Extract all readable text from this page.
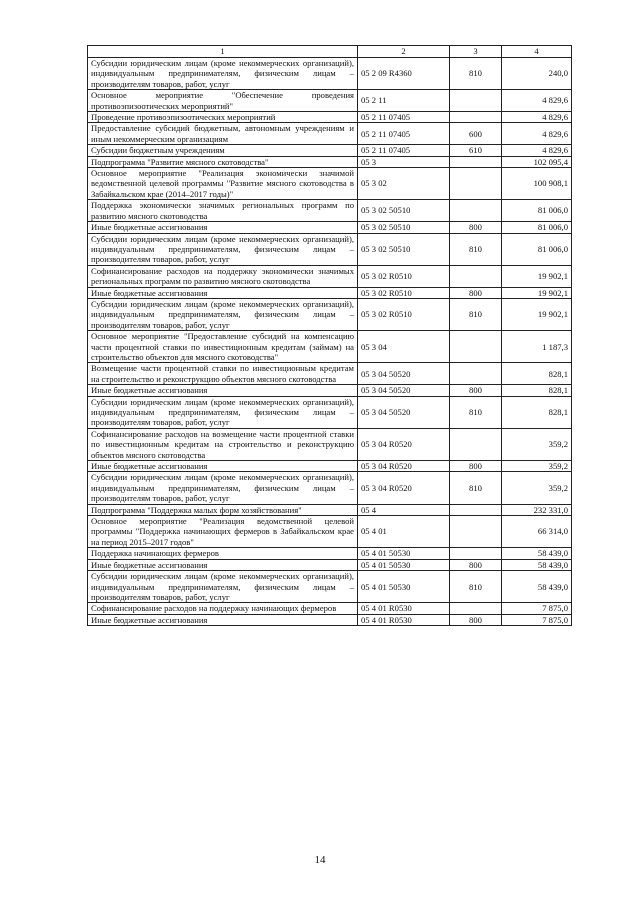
1	2	3	4
Субсидии юридическим лицам (кроме некоммерческих организаций), индивидуальным предпринимателям, физическим лицам – производителям товаров, работ, услуг	05 2 09 R4360	810	240,0
Основное мероприятие "Обеспечение проведения противоэпизоотических мероприятий"	05 2 11		4 829,6
Проведение противоэпизоотических мероприятий	05 2 11 07405		4 829,6
Предоставление субсидий бюджетным, автономным учреждениям и иным некоммерческим организациям	05 2 11 07405	600	4 829,6
Субсидии бюджетным учреждениям	05 2 11 07405	610	4 829,6
Подпрограмма "Развитие мясного скотоводства"	05 3		102 095,4
Основное мероприятие "Реализация экономически значимой ведомственной целевой программы "Развитие мясного скотоводства в Забайкальском крае (2014–2017 годы)"	05 3 02		100 908,1
Поддержка экономически значимых региональных программ по развитию мясного скотоводства	05 3 02 50510		81 006,0
Иные бюджетные ассигнования	05 3 02 50510	800	81 006,0
Субсидии юридическим лицам (кроме некоммерческих организаций), индивидуальным предпринимателям, физическим лицам – производителям товаров, работ, услуг	05 3 02 50510	810	81 006,0
Софинансирование расходов на поддержку экономически значимых региональных программ по развитию мясного скотоводства	05 3 02 R0510		19 902,1
Иные бюджетные ассигнования	05 3 02 R0510	800	19 902,1
Субсидии юридическим лицам (кроме некоммерческих организаций), индивидуальным предпринимателям, физическим лицам – производителям товаров, работ, услуг	05 3 02 R0510	810	19 902,1
Основное мероприятие "Предоставление субсидий на компенсацию части процентной ставки по инвестиционным кредитам (займам) на строительство объектов для мясного скотоводства"	05 3 04		1 187,3
Возмещение части процентной ставки по инвестиционным кредитам на строительство и реконструкцию объектов мясного скотоводства	05 3 04 50520		828,1
Иные бюджетные ассигнования	05 3 04 50520	800	828,1
Субсидии юридическим лицам (кроме некоммерческих организаций), индивидуальным предпринимателям, физическим лицам – производителям товаров, работ, услуг	05 3 04 50520	810	828,1
Софинансирование расходов на возмещение части процентной ставки по инвестиционным кредитам на строительство и реконструкцию объектов мясного скотоводства	05 3 04 R0520		359,2
Иные бюджетные ассигнования	05 3 04 R0520	800	359,2
Субсидии юридическим лицам (кроме некоммерческих организаций), индивидуальным предпринимателям, физическим лицам – производителям товаров, работ, услуг	05 3 04 R0520	810	359,2
Подпрограмма "Поддержка малых форм хозяйствования"	05 4		232 331,0
Основное мероприятие "Реализация ведомственной целевой программы "Поддержка начинающих фермеров в Забайкальском крае на период 2015–2017 годов"	05 4 01		66 314,0
Поддержка начинающих фермеров	05 4 01 50530		58 439,0
Иные бюджетные ассигнования	05 4 01 50530	800	58 439,0
Субсидии юридическим лицам (кроме некоммерческих организаций), индивидуальным предпринимателям, физическим лицам – производителям товаров, работ, услуг	05 4 01 50530	810	58 439,0
Софинансирование расходов на поддержку начинающих фермеров	05 4 01 R0530		7 875,0
Иные бюджетные ассигнования	05 4 01 R0530	800	7 875,0
14
